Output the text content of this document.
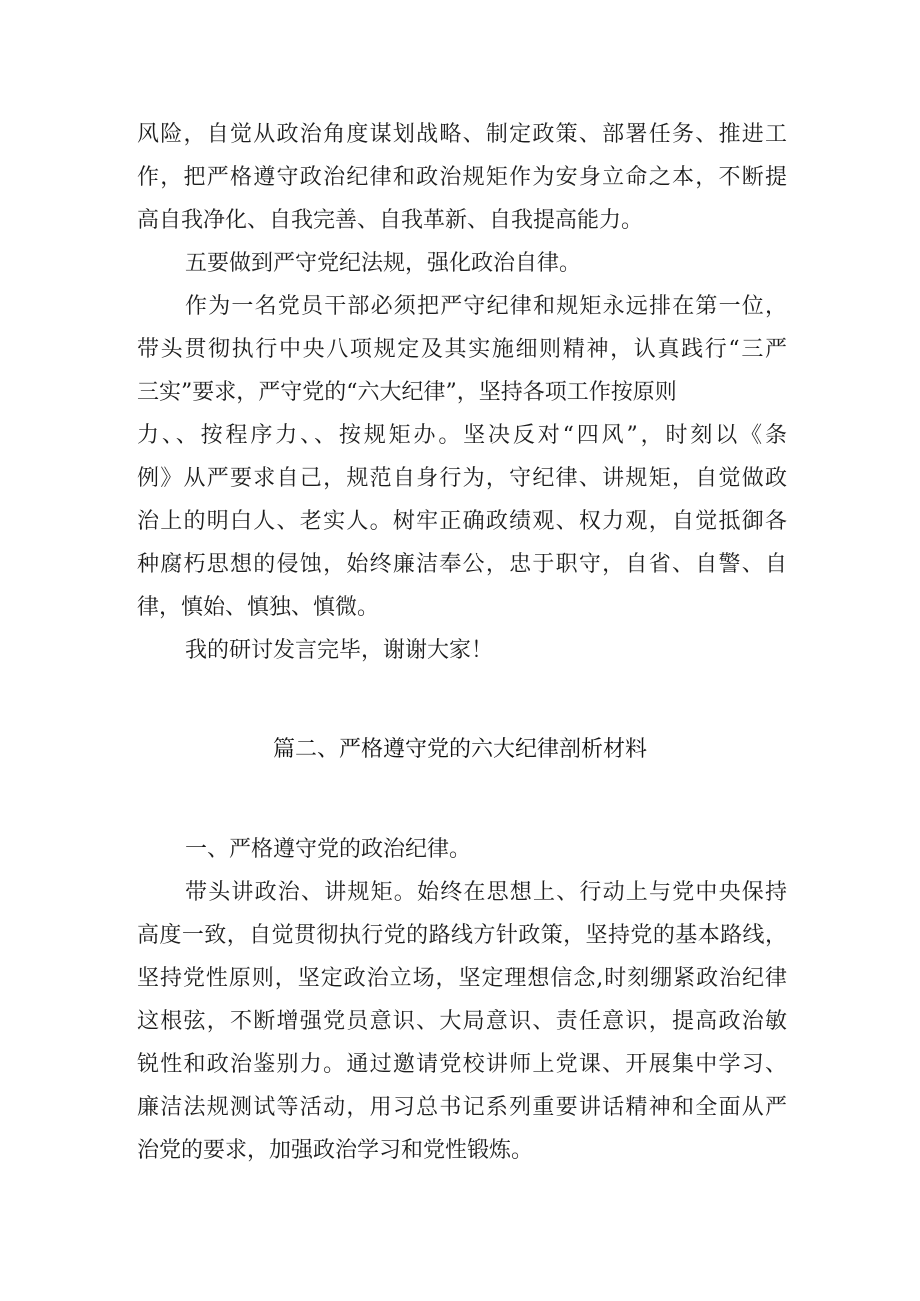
风险，自觉从政治角度谋划战略、制定政策、部署任务、推进工
作，把严格遵守政治纪律和政治规矩作为安身立命之本，不断提
高自我净化、自我完善、自我革新、自我提高能力。
五要做到严守党纪法规，强化政治自律。
作为一名党员干部必须把严守纪律和规矩永远排在第一位，
带头贯彻执行中央八项规定及其实施细则精神，认真践行“三严
三实”要求，严守党的“六大纪律”，坚持各项工作按原则
力、、按程序力、、按规矩办。坚决反对“四风”，时刻以《条
例》从严要求自己，规范自身行为，守纪律、讲规矩，自觉做政
治上的明白人、老实人。树牢正确政绩观、权力观，自觉抵御各
种腐朽思想的侵蚀，始终廉洁奉公，忠于职守，自省、自警、自
律，慎始、慎独、慎微。
我的研讨发言完毕，谢谢大家！
篇二、严格遵守党的六大纪律剖析材料
一、严格遵守党的政治纪律。
带头讲政治、讲规矩。始终在思想上、行动上与党中央保持
高度一致，自觉贯彻执行党的路线方针政策，坚持党的基本路线，
坚持党性原则，坚定政治立场，坚定理想信念,时刻绷紧政治纪律
这根弦，不断增强党员意识、大局意识、责任意识，提高政治敏
锐性和政治鉴别力。通过邀请党校讲师上党课、开展集中学习、
廉洁法规测试等活动，用习总书记系列重要讲话精神和全面从严
治党的要求，加强政治学习和党性锻炼。
